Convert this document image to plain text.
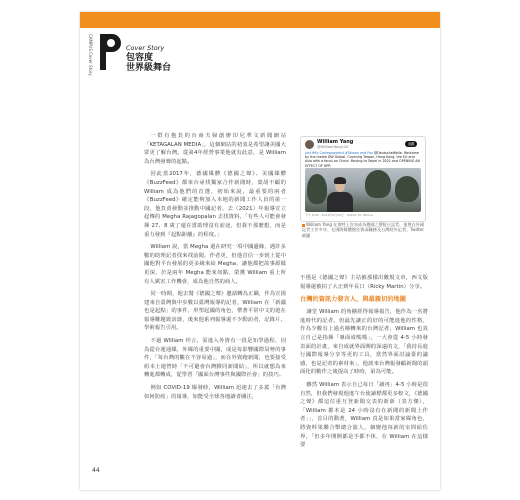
CAMPUS Cover Story	Cover Story
包容度
世界級舞台

一群有抱負的台商夫婦創辦印尼華文新聞網站「KETAGALAN MEDIA」，這個網站的初衷是希望讓美國大眾更了解台灣。從第4年經營事業他就有此意，是 William 為台灣發聲的起點。

因此當2017年，德國媒體《德國之聲》、美國媒體《BuzzFeed》都來台尋找獨家合作新聞時，葉胡不顧的 William 成為他們的首選，初始來說，最重要的兩者《BuzzFeed》確定能夠加入本地的新聞工作人員的第一段，他負責發動並推動中國記者、去（2021）年報導宣立起傳的 Megha Rajagopalan 去找資料，「有些人可能會發揮 27、8 歲了還在當助理沒有前途，但我不那麼想，而是重力發到『起點距離』的程度。」

William 說，當 Megha 還在研究一項中國邊緣，遇許多數的助理記者找來找前聞，作者更，但他首信一步到上從中國他對平台發展的更多緣來給 Megha，讓他都把故事源做更深，於是兩年 Megha 能來如點，榮獲 William 重上所有人厲害工作機會，成為他自然的商人。

同一時期，他去餐《德國之聲》邀請轉為正職，作為宣揚建來自臺灣與中步數以臺灣報導的記者，William 在「新疆也是起點」的事件，形塑起國的角色，帶著平常中文的遊在報導難題致訪談，後來他系列報導還不少動訪者，記錄片、學術報告引用。

不過 William 坦言，需進入外資有一段是知學過程，因為從台運通媒，外媒的重要中國，成是每影響國際局勢的事件，「每台灣的觀在不容易過」，而在外資跑新聞，也要接受組本土運營時「不可避會台灣臉同新聞結」，所以就想為來轉進都轉成，從學習「國面台灣事件與國際社會」的技巧。

例如 COVID-19 爆發時，William 迅速去了多駕「台灣如何防疫」的報導，如能受全球各地讀者關注，

William Yang
@WilliamYang120
追蹤
Just fifty Correspondent #Taiwan and Fax @DeutscheWelle. Welcome by the media DW Global, Covering Taiwan, Hong Kong, the EU and Asia with a focus on China. Moving to Taipei in 2021 and OPENING AN EFFECT OF DPP.
下午 6:04 · 2021年8月29日 · Twitter for iPhone
William Yang 在推特上宣布成為德國之聲駐台記者，他曾在外國記者工作多年、在國際媒體擔任資深職務及台灣駐外記者。Twitter 截圖

不僅是《德國之聲》主站被那樣出數規文章，西文版報導還被拍了大正到年長口（Ricky Martin）分享。

台灣的資訊力發言人，與最親切的地圖

讓堂 William 的角擴經得報導報告，他作為一名將進時代的記者，但最先讓正的好的可能進他的性格，作為少數有上過名稱轉來的台灣記者，William 也真言自己是指揮「專面成嗎嗎」，一大會從 4-5 小時發表面的計畫，來自成就界面開的深遠的文，「我持長進行國際報導分享等更的工具，當然界面討論臺的議感，也是記者的素材來」，他談來台灣報發顧新聞的頭面化的數作之後提高了時時，第為可能。

雖然 William 表示自己每日「讀再」4-5 小時是很自然，但我們發現他進午台使讀標都更多較文，《德國之聲》都這位重互登新聞交表的新新（表方傑），「William 都本是 24 小時沒有在新聞的新聞上作者」」，首目的動著，William 真是如果當家媒角色，將資料果聯合擊總合演人，個變他每新的室問給佐界，「但多年開開都是手都不休，在 William 在這樣要

44
